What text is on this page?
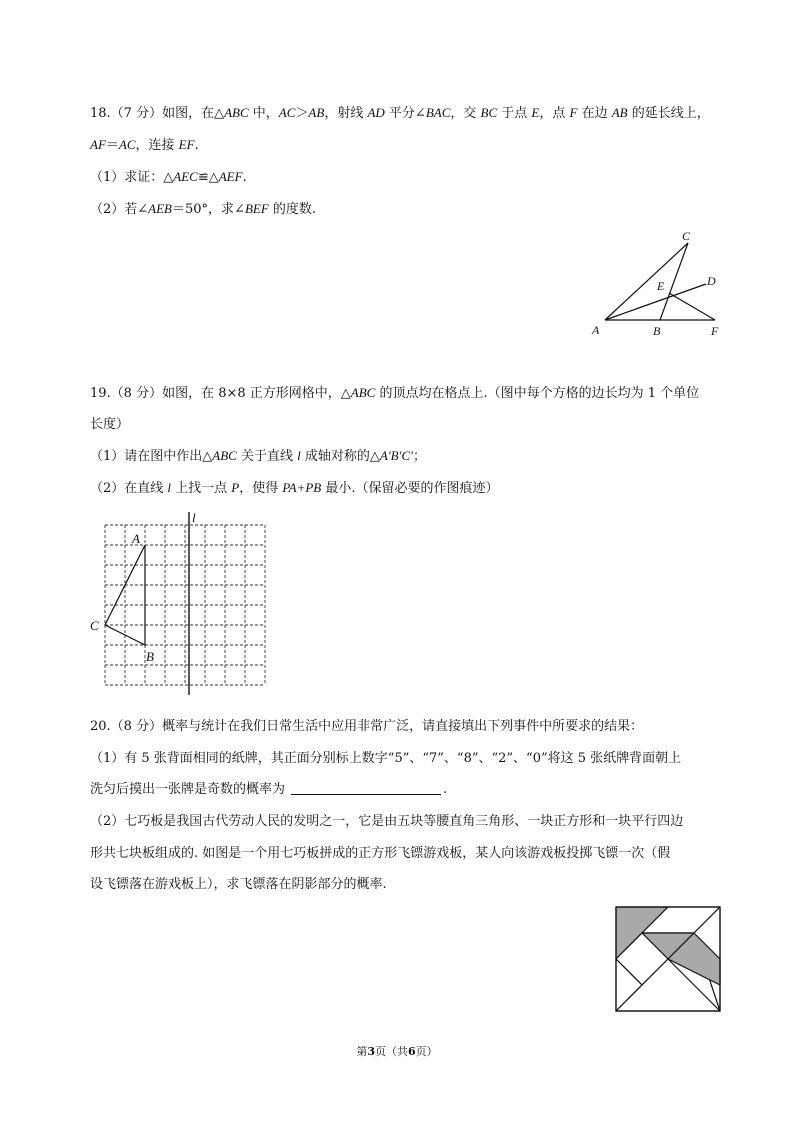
18.（7 分）如图，在△ABC 中，AC＞AB，射线 AD 平分∠BAC，交 BC 于点 E，点 F 在边 AB 的延长线上，
AF＝AC，连接 EF.
（1）求证：△AEC≌△AEF.
（2）若∠AEB＝50°，求∠BEF 的度数.
C
D
E
A	B	F
19.（8 分）如图，在 8×8 正方形网格中，△ABC 的顶点均在格点上.（图中每个方格的边长均为 1 个单位
长度）
（1）请在图中作出△ABC 关于直线 l 成轴对称的△A′B′C′；
（2）在直线 l 上找一点 P，使得 PA+PB 最小.（保留必要的作图痕迹）
l
A
B
C
20.（8 分）概率与统计在我们日常生活中应用非常广泛，请直接填出下列事件中所要求的结果：
（1）有 5 张背面相同的纸牌，其正面分别标上数字“5”、“7”、“8”、“2”、“0”将这 5 张纸牌背面朝上
洗匀后摸出一张牌是奇数的概率为	.
（2）七巧板是我国古代劳动人民的发明之一，它是由五块等腰直角三角形、一块正方形和一块平行四边
形共七块板组成的. 如图是一个用七巧板拼成的正方形飞镖游戏板，某人向该游戏板投掷飞镖一次（假
设飞镖落在游戏板上），求飞镖落在阴影部分的概率.
第3页（共6页）
